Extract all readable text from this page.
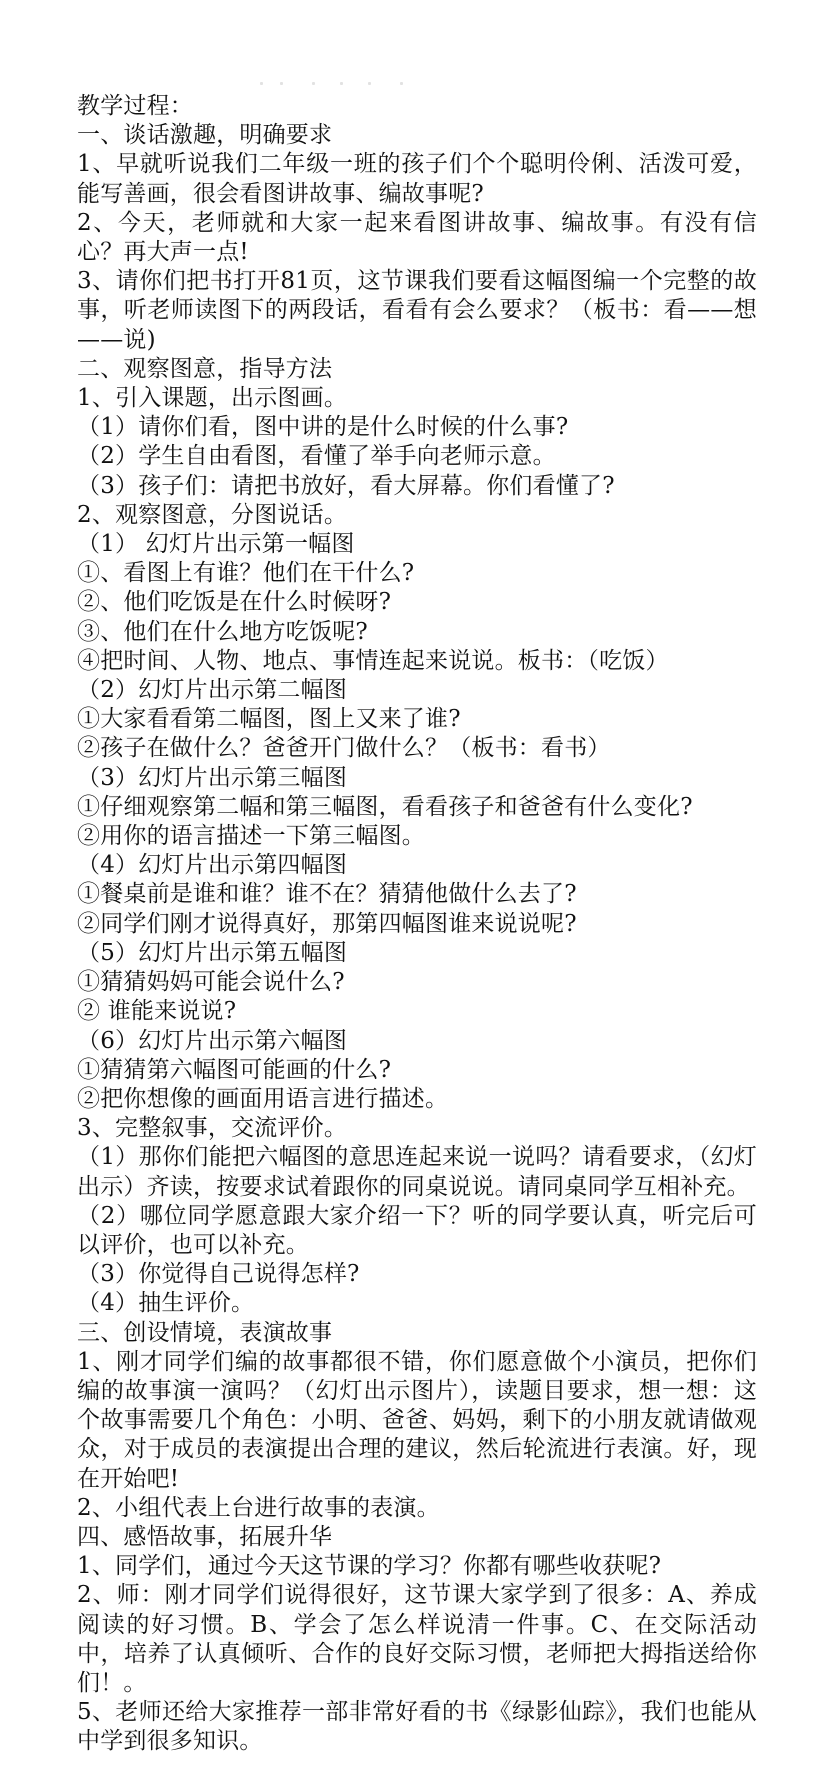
教学过程：

一、谈话激趣，明确要求

1、早就听说我们二年级一班的孩子们个个聪明伶俐、活泼可爱，能写善画，很会看图讲故事、编故事呢?

2、今天，老师就和大家一起来看图讲故事、编故事。有没有信心？再大声一点!

3、请你们把书打开81页，这节课我们要看这幅图编一个完整的故事，听老师读图下的两段话，看看有会么要求？（板书：看——想——说)

二、观察图意，指导方法

1、引入课题，出示图画。

（1）请你们看，图中讲的是什么时候的什么事?

（2）学生自由看图，看懂了举手向老师示意。

（3）孩子们：请把书放好，看大屏幕。你们看懂了?

2、观察图意，分图说话。

（1） 幻灯片出示第一幅图

①、看图上有谁？他们在干什么?

②、他们吃饭是在什么时候呀?

③、他们在什么地方吃饭呢?

④把时间、人物、地点、事情连起来说说。板书：（吃饭）

（2）幻灯片出示第二幅图

①大家看看第二幅图，图上又来了谁?

②孩子在做什么？爸爸开门做什么？（板书：看书）

（3）幻灯片出示第三幅图

①仔细观察第二幅和第三幅图，看看孩子和爸爸有什么变化?

②用你的语言描述一下第三幅图。

（4）幻灯片出示第四幅图

①餐桌前是谁和谁？谁不在？猜猜他做什么去了?

②同学们刚才说得真好，那第四幅图谁来说说呢?

（5）幻灯片出示第五幅图

①猜猜妈妈可能会说什么?

② 谁能来说说?

（6）幻灯片出示第六幅图

①猜猜第六幅图可能画的什么?

②把你想像的画面用语言进行描述。

3、完整叙事，交流评价。

（1）那你们能把六幅图的意思连起来说一说吗？请看要求，（幻灯出示）齐读，按要求试着跟你的同桌说说。请同桌同学互相补充。

（2）哪位同学愿意跟大家介绍一下？听的同学要认真，听完后可以评价，也可以补充。

（3）你觉得自己说得怎样?

（4）抽生评价。

三、创设情境，表演故事

1、刚才同学们编的故事都很不错，你们愿意做个小演员，把你们编的故事演一演吗？（幻灯出示图片），读题目要求，想一想：这个故事需要几个角色：小明、爸爸、妈妈，剩下的小朋友就请做观众，对于成员的表演提出合理的建议，然后轮流进行表演。好，现在开始吧!

2、小组代表上台进行故事的表演。

四、感悟故事，拓展升华

1、同学们，通过今天这节课的学习？你都有哪些收获呢?

2、师：刚才同学们说得很好，这节课大家学到了很多：A、养成阅读的好习惯。B、学会了怎么样说清一件事。C、在交际活动中，培养了认真倾听、合作的良好交际习惯，老师把大拇指送给你们！。

5、老师还给大家推荐一部非常好看的书《绿影仙踪》，我们也能从中学到很多知识。
